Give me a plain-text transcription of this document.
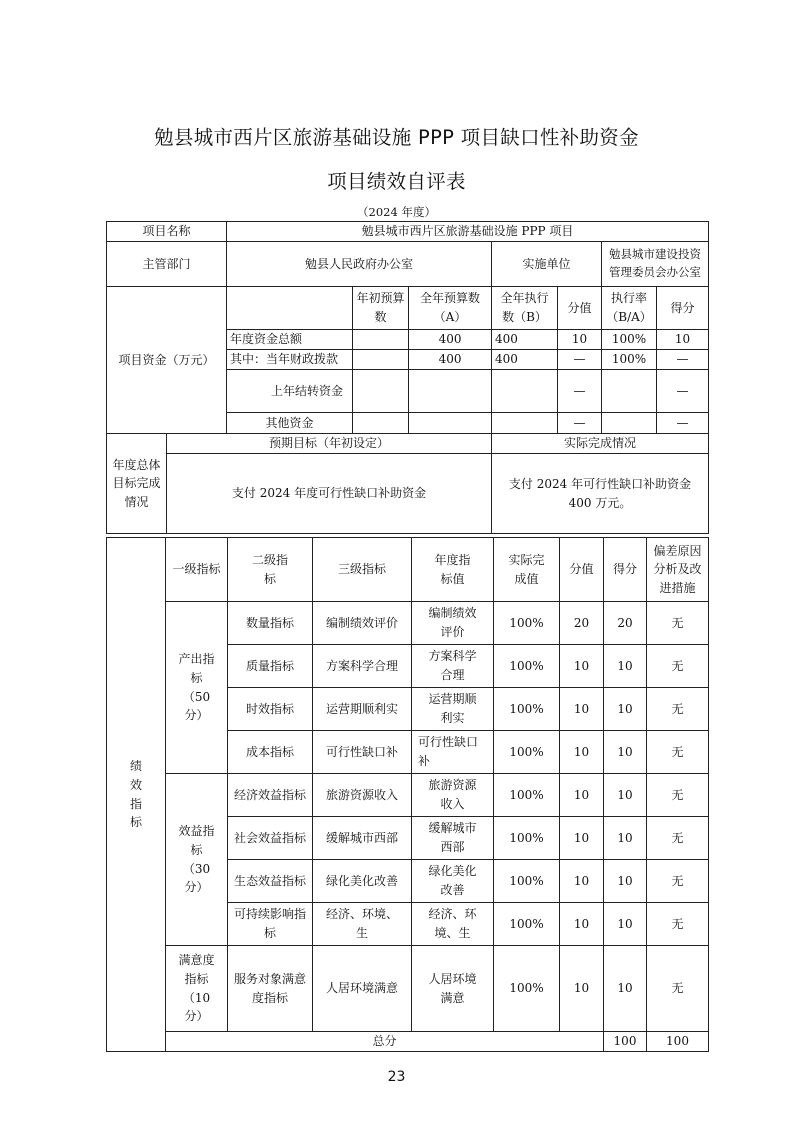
勉县城市西片区旅游基础设施 PPP 项目缺口性补助资金
项目绩效自评表
（2024 年度）
项目名称		勉县城市西片区旅游基础设施 PPP 项目						
主管部门		勉县人民政府办公室			实施单位		勉县城市建设投资管理委员会办公室	
项目资金（万元）			年初预算数	全年预算数（A）	全年执行数（B）	分值	执行率（B/A）	得分
		年度资金总额		400	400	10	100%	10
		其中：当年财政拨款		400	400	—	100%	—
		上年结转资金				—		—
		其他资金				—		—
年度总体目标完成情况	预期目标（年初设定）				实际完成情况			
	支付 2024 年度可行性缺口补助资金				支付 2024 年可行性缺口补助资金 400 万元。			
绩效指标	一级指标	二级指标	三级指标	年度指标值	实际完成值	分值	得分	偏差原因分析及改进措施	
	产出指标（50分）	数量指标	编制绩效评价	编制绩效评价	100%	20	20	无	
		质量指标	方案科学合理	方案科学合理	100%	10	10	无	
		时效指标	运营期顺利实	运营期顺利实	100%	10	10	无	
		成本指标	可行性缺口补	可行性缺口补	100%	10	10	无	
	效益指标（30分）	经济效益指标	旅游资源收入	旅游资源收入	100%	10	10	无	
		社会效益指标	缓解城市西部	缓解城市西部	100%	10	10	无	
		生态效益指标	绿化美化改善	绿化美化改善	100%	10	10	无	
		可持续影响指标	经济、环境、生	经济、环境、生	100%	10	10	无	
	满意度指标（10分）	服务对象满意度指标	人居环境满意	人居环境满意	100%	10	10	无	
	总分						100	100	
23
